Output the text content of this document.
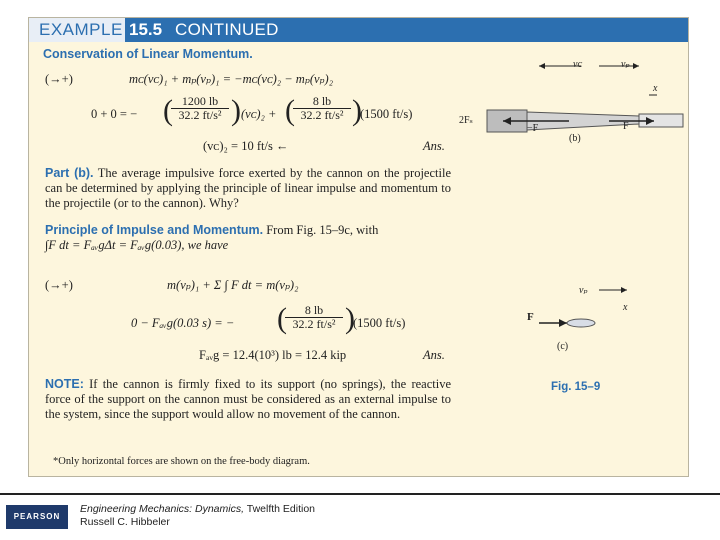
EXAMPLE 15.5 CONTINUED
Conservation of Linear Momentum.
(→+)	mᴄ(vᴄ)₁ + mₚ(vₚ)₁ = −mᴄ(vᴄ)₂ − mₚ(vₚ)₂
0 + 0 = − (
$\frac{1200 lb}{\text{32.2 ft/s²}}$ ) (vᴄ)₂ + (
$\frac{8 lb}{\text{32.2 ft/s²}}$ )
(1500 ft/s)
(vᴄ)₂ = 10 ft/s ←	Ans.
Part (b). The average impulsive force exerted by the cannon on the projectile can be determined by applying the principle of linear impulse and momentum to the projectile (or to the cannon). Why?
Principle of Impulse and Momentum. From Fig. 15–9c, with
∫F dt = FₐᵥgΔt = Fₐᵥg(0.03), we have
(→+)	m(vₚ)₁ + Σ ∫ F dt = m(vₚ)₂
0 − Fₐᵥg(0.03 s) = − (
$\frac{8 lb}{\text{32.2 ft/s²}}$ )
(1500 ft/s)
Fₐᵥg = 12.4(10³) lb = 12.4 kip	Ans.
NOTE: If the cannon is firmly fixed to its support (no springs), the reactive force of the support on the cannon must be considered as an external impulse to the system, since the support would allow no movement of the cannon.
*Only horizontal forces are shown on the free-body diagram.
vᴄ	vₚ
x
2Fₛ
−F	F
(b)
vₚ
x
F
(c)
Fig. 15–9
PEARSON
Engineering Mechanics: Dynamics, Twelfth Edition
Russell C. Hibbeler
